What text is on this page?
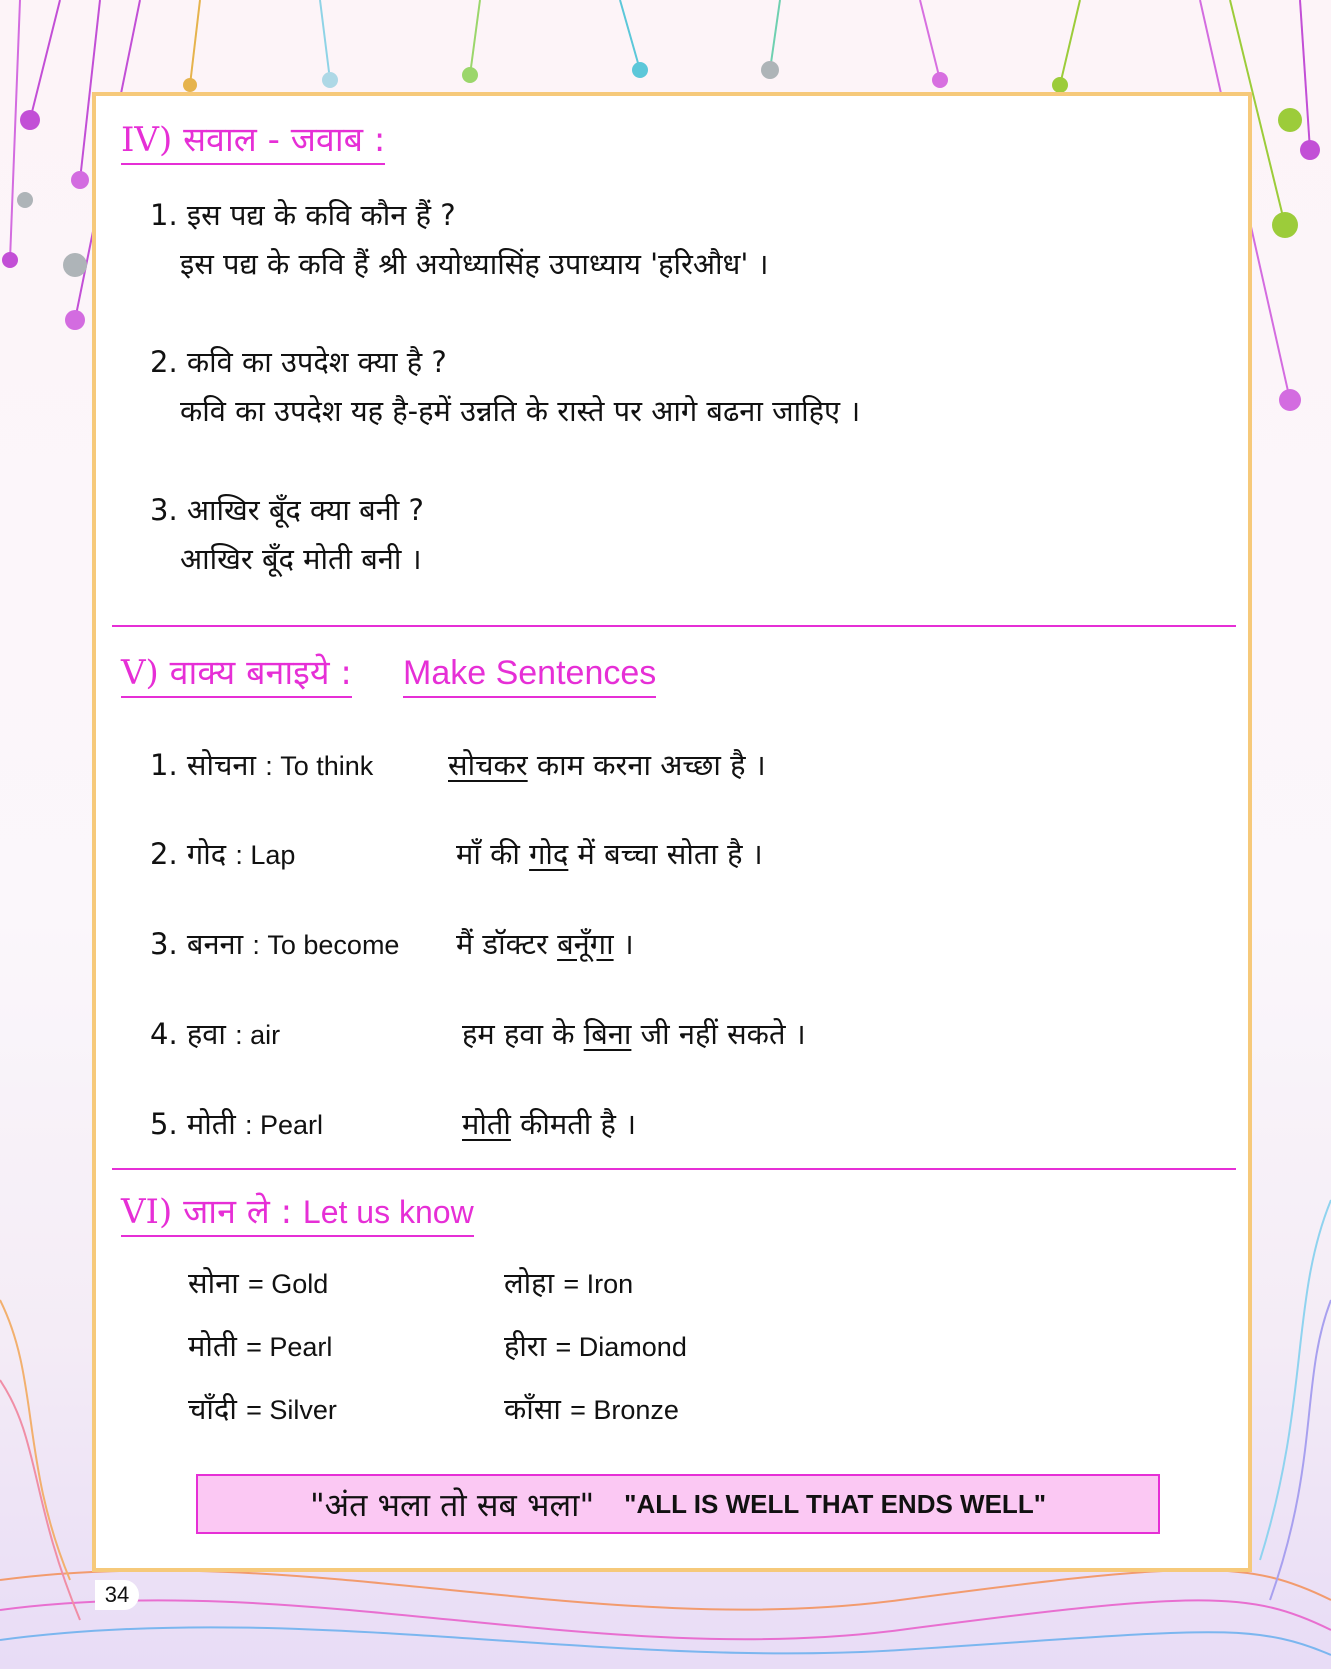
IV) सवाल - जवाब :
1. इस पद्य के कवि कौन हैं ?
इस पद्य के कवि हैं श्री अयोध्यासिंह उपाध्याय 'हरिऔध' ।
2. कवि का उपदेश क्या है ?
कवि का उपदेश यह है-हमें उन्नति के रास्ते पर आगे बढना जाहिए ।
3. आखिर बूँद क्या बनी ?
आखिर बूँद मोती बनी ।
V) वाक्य बनाइये : Make Sentences
1. सोचना : To think	सोचकर काम करना अच्छा है ।
2. गोद : Lap	माँ की गोद में बच्चा सोता है ।
3. बनना : To become मैं डॉक्टर बनूँगा ।
4. हवा : air	हम हवा के बिना जी नहीं सकते ।
5. मोती : Pearl	मोती कीमती है ।
VI) जान ले : Let us know
सोना = Gold	लोहा = Iron
मोती = Pearl	हीरा = Diamond
चाँदी = Silver	काँसा = Bronze
"अंत भला तो सब भला" "ALL IS WELL THAT ENDS WELL"
34
